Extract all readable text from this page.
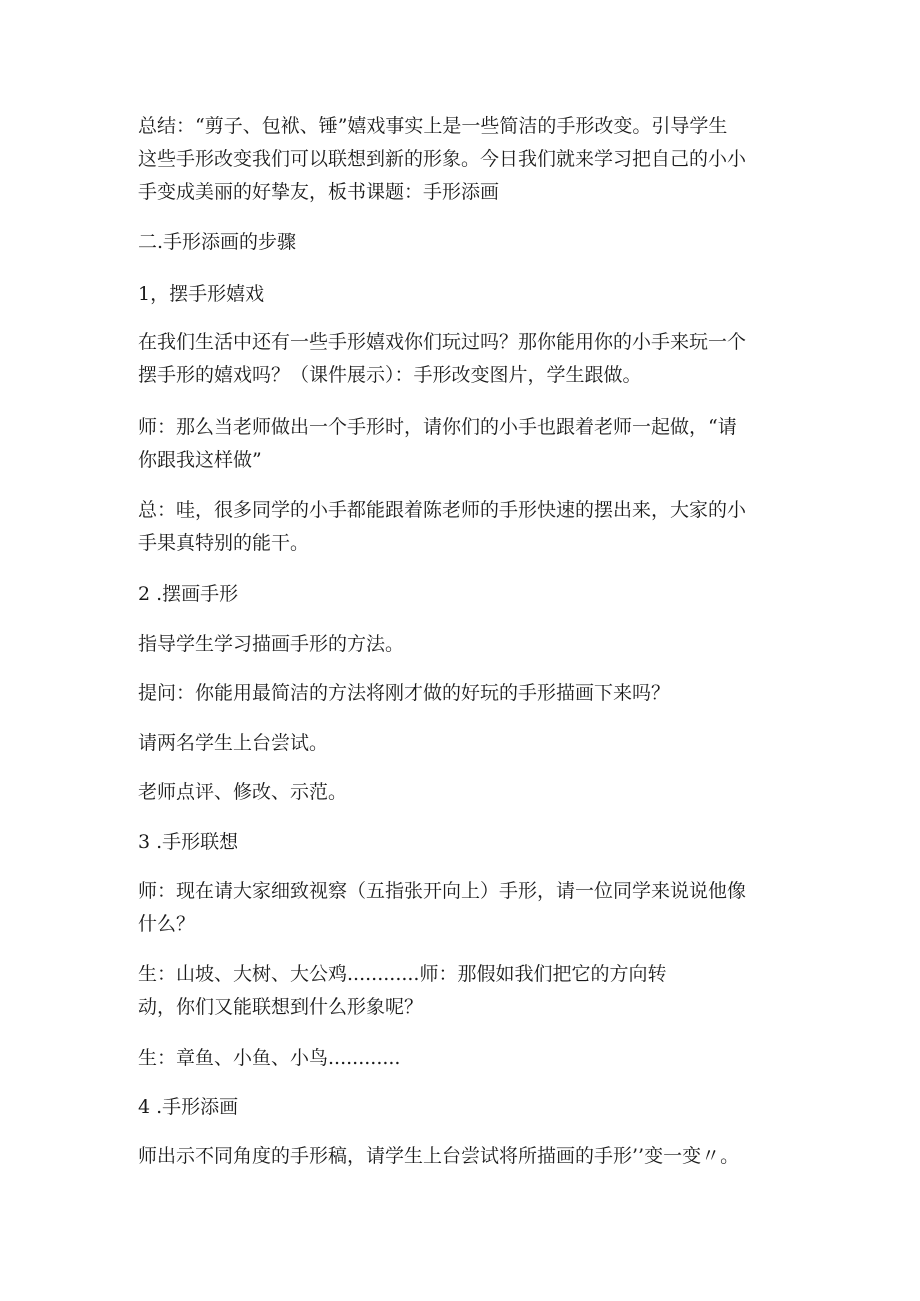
总结：“剪子、包袱、锤”嬉戏事实上是一些简洁的手形改变。引导学生
这些手形改变我们可以联想到新的形象。今日我们就来学习把自己的小小
手变成美丽的好挚友，板书课题：手形添画

二.手形添画的步骤

1，摆手形嬉戏

在我们生活中还有一些手形嬉戏你们玩过吗？那你能用你的小手来玩一个
摆手形的嬉戏吗？（课件展示）：手形改变图片，学生跟做。

师：那么当老师做出一个手形时，请你们的小手也跟着老师一起做，“请
你跟我这样做”

总：哇，很多同学的小手都能跟着陈老师的手形快速的摆出来，大家的小
手果真特别的能干。

2 .摆画手形

指导学生学习描画手形的方法。

提问：你能用最简洁的方法将刚才做的好玩的手形描画下来吗？

请两名学生上台尝试。

老师点评、修改、示范。

3 .手形联想

师：现在请大家细致视察（五指张开向上）手形，请一位同学来说说他像
什么？

生：山坡、大树、大公鸡............师：那假如我们把它的方向转
动，你们又能联想到什么形象呢？

生：章鱼、小鱼、小鸟............

4 .手形添画

师出示不同角度的手形稿，请学生上台尝试将所描画的手形’’变一变〃。
